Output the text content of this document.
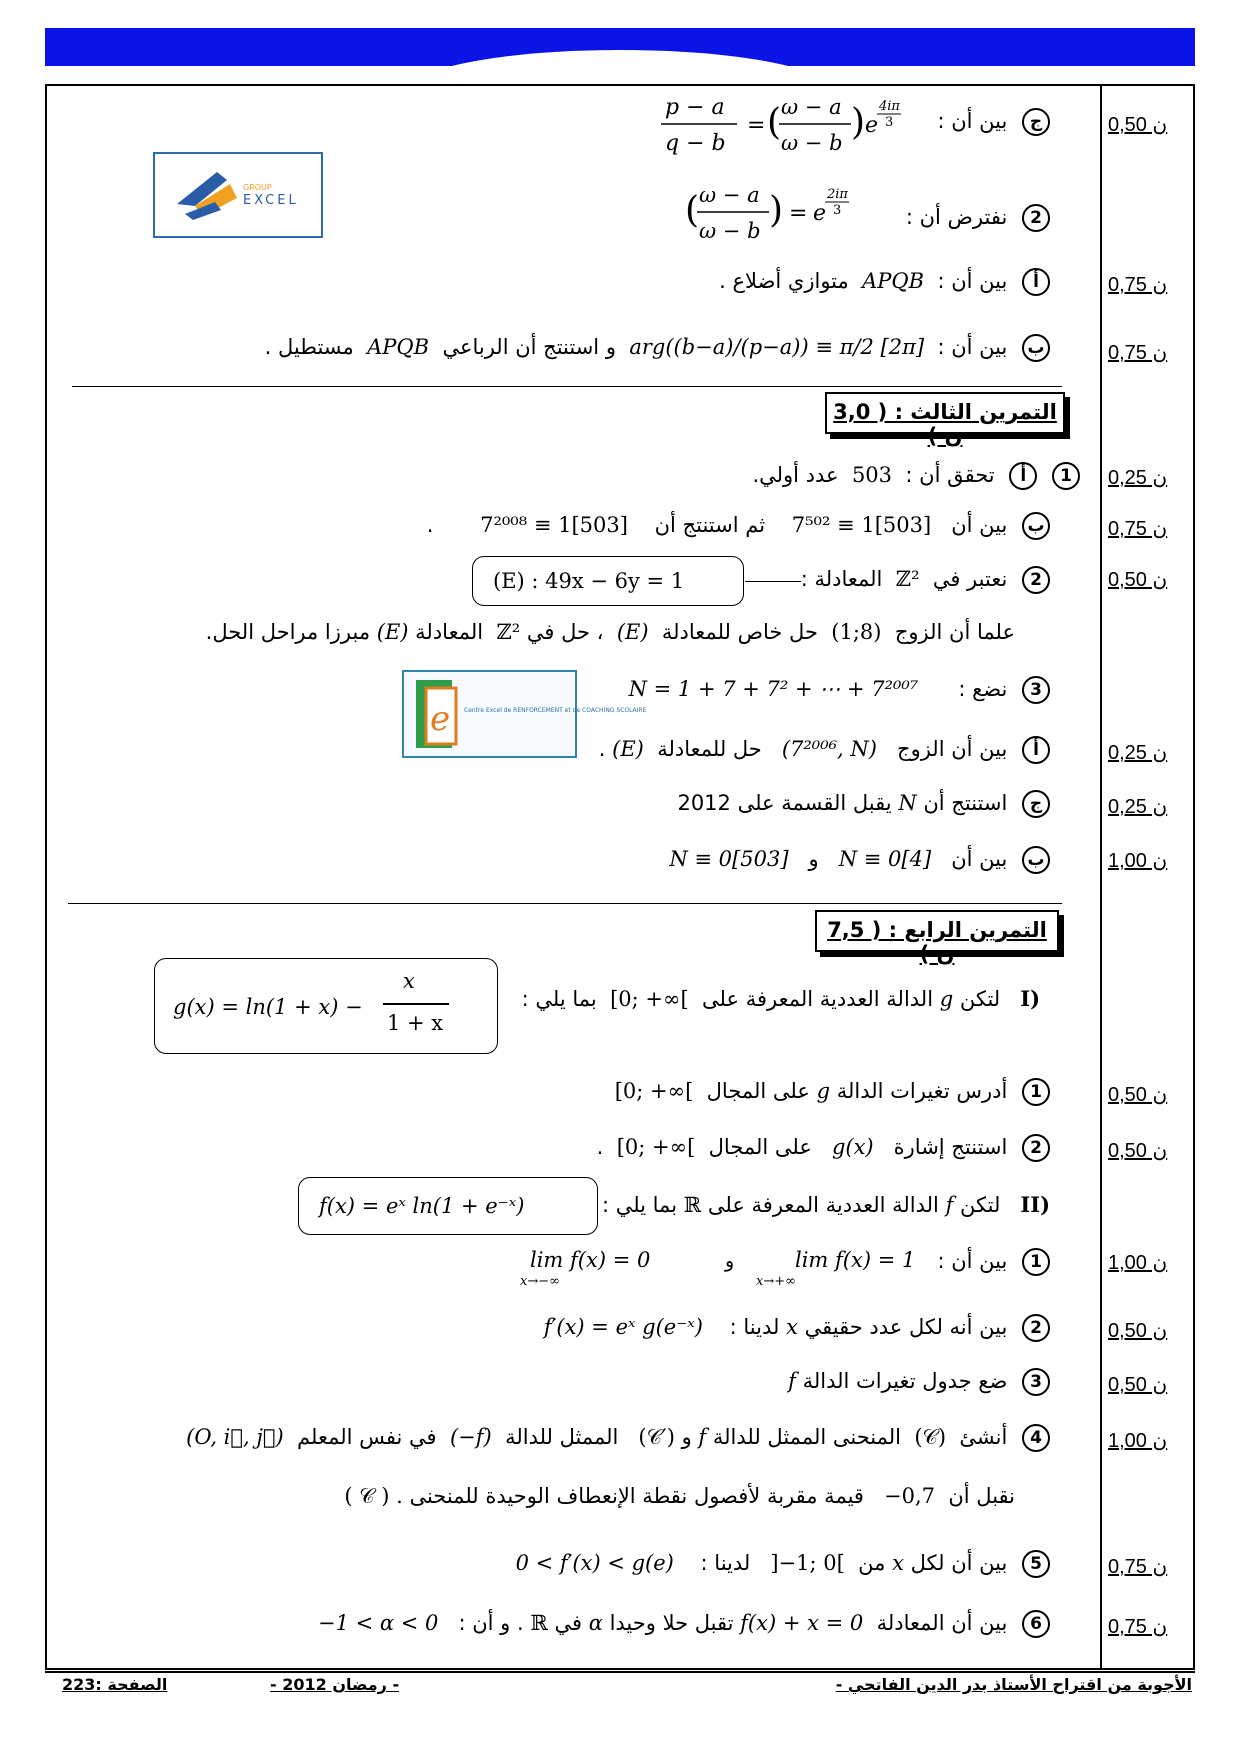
GROUP
EXCEL
e Centre Excel de RENFORCEMENT et de COACHING SCOLAIRE
ن 0,50
ج بين أن :
p − a
q − b
= ( ω − a
ω − b ) e
4iπ
3
2 نفترض أن :
( ω − a
ω − b ) = e
2iπ
3
ن 0,75
أ بين أن :  APQB  متوازي أضلاع .
ن 0,75
ب بين أن :  arg((b−a)/(p−a)) ≡ π/2 [2π]  و استنتج أن الرباعي  APQB  مستطيل .
التمرين الثالث : ( 3,0 ن )
ن 0,25
1 أ تحقق أن :  503  عدد أولي.
ن 0,75
ب بين أن   7⁵⁰² ≡ 1[503]    ثم استنتج أن    7²⁰⁰⁸ ≡ 1[503]       .
ن 0,50
2 نعتبر في  ℤ²  المعادلة :
(E) : 49x − 6y = 1
علما أن الزوج  (1;8)  حل خاص للمعادلة  (E)  ، حل في ℤ²  المعادلة (E) مبرزا مراحل الحل.
3 نضع :      N = 1 + 7 + 7² + ⋯ + 7²⁰⁰⁷
ن 0,25
أ بين أن الزوج   (7²⁰⁰⁶, N)   حل للمعادلة  (E) .
ن 0,25
ج استنتج أن N يقبل القسمة على 2012
ن 1,00
ب بين أن   N ≡ 0[4]   و   N ≡ 0[503]
التمرين الرابع : ( 7,5 ن )
(I   لتكن g الدالة العددية المعرفة على  [0; +∞[  بما يلي :
g(x) = ln(1 + x) −
x
1 + x
ن 0,50
1 أدرس تغيرات الدالة g على المجال  [0; +∞[
ن 0,50
2 استنتج إشارة   g(x)   على المجال  [0; +∞[  .
(II   لتكن f الدالة العددية المعرفة على ℝ بما يلي :
f(x) = eˣ ln(1 + e⁻ˣ)
ن 1,00
1 بين أن :
lim f(x) = 1
x→+∞
و
lim f(x) = 0
x→−∞
ن 0,50
2 بين أنه لكل عدد حقيقي x لدينا :    f′(x) = eˣ g(e⁻ˣ)
ن 0,50
3 ضع جدول تغيرات الدالة f
ن 1,00
4 أنشئ  (𝒞)  المنحنى الممثل للدالة f و (𝒞′)   الممثل للدالة  (−f)  في نفس المعلم  (O, i⃗, j⃗)
نقبل أن  −0,7   قيمة مقربة لأفصول نقطة الإنعطاف الوحيدة للمنحنى ( 𝒞 ) .
ن 0,75
5 بين أن لكل x من  ]−1; 0[   لدينا :    0 < f′(x) < g(e)
ن 0,75
6 بين أن المعادلة  f(x) + x = 0 تقبل حلا وحيدا α في ℝ . و أن :   −1 < α < 0
الأجوبة من اقتراح الأستاذ بدر الدين الفاتحي -
- رمضان 2012 -
الصفحة :223
